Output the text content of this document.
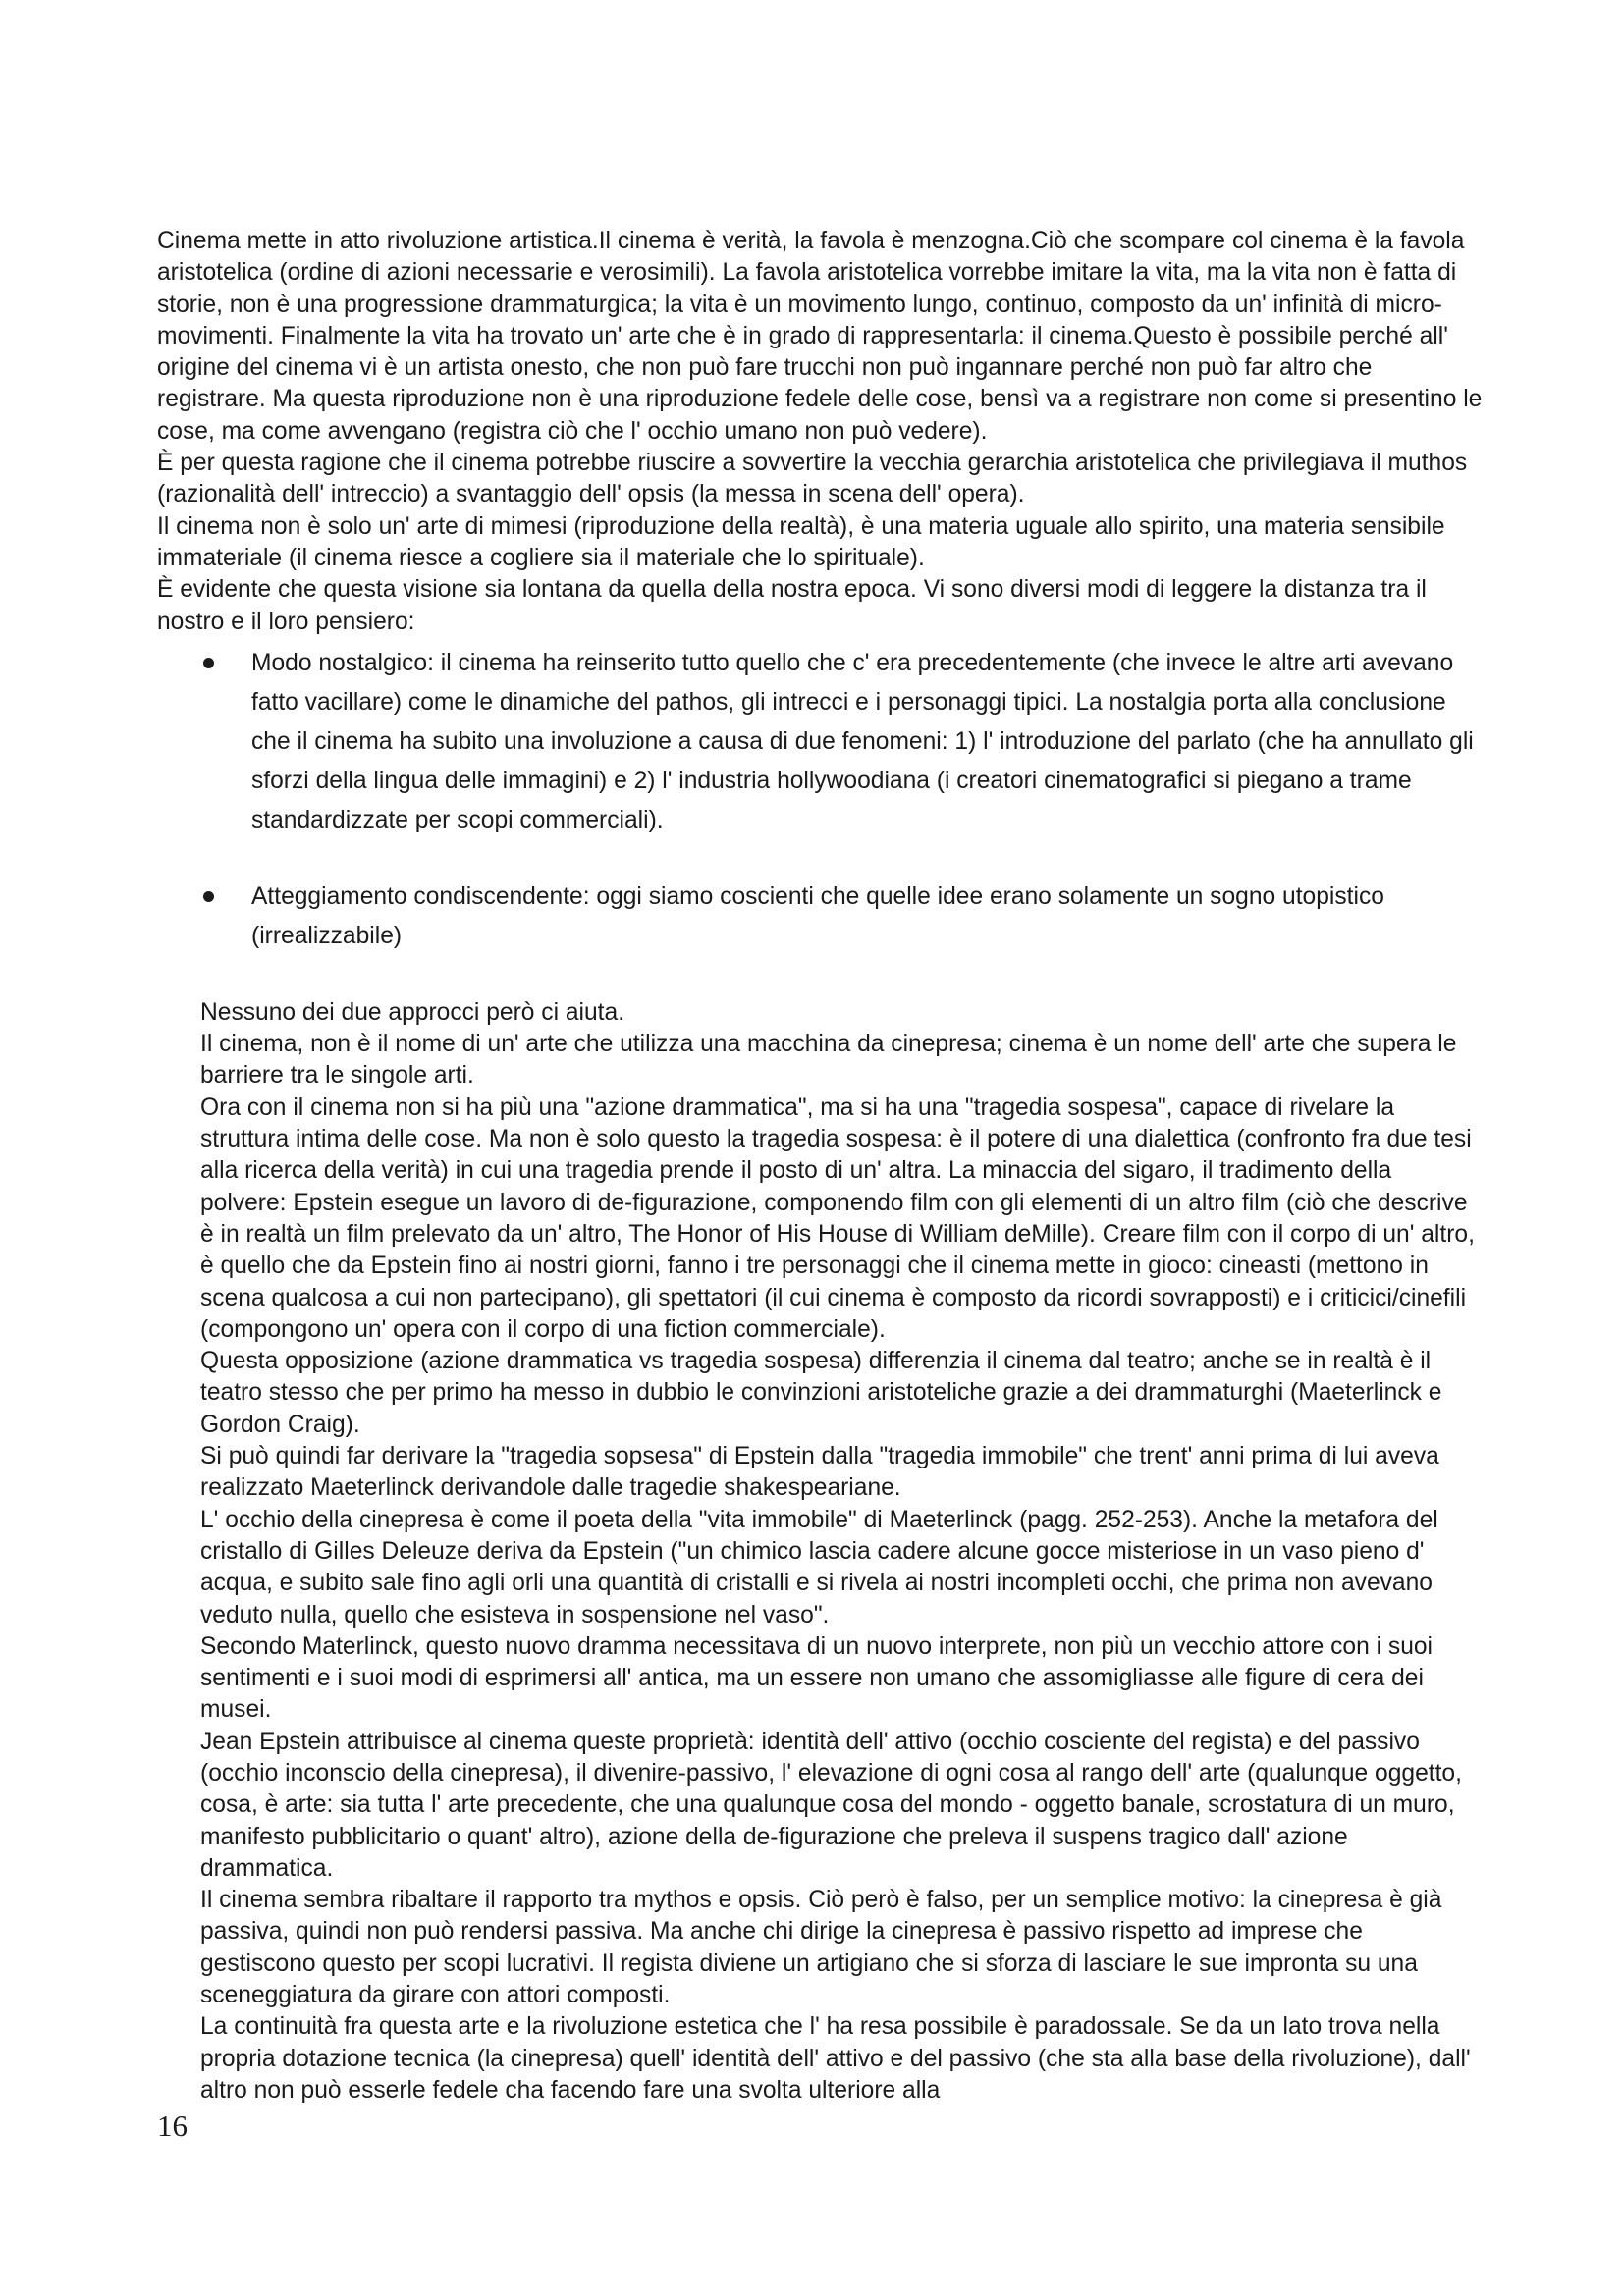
Cinema mette in atto rivoluzione artistica.Il cinema è verità, la favola è menzogna.Ciò che scompare col cinema è la favola aristotelica (ordine di azioni necessarie e verosimili). La favola aristotelica vorrebbe imitare la vita, ma la vita non è fatta di storie, non è una progressione drammaturgica; la vita è un movimento lungo, continuo, composto da un' infinità di micro-movimenti. Finalmente la vita ha trovato un' arte che è in grado di rappresentarla: il cinema.Questo è possibile perché all' origine del cinema vi è un artista onesto, che non può fare trucchi non può ingannare perché non può far altro che registrare. Ma questa riproduzione non è una riproduzione fedele delle cose, bensì va a registrare non come si presentino le cose, ma come avvengano (registra ciò che l' occhio umano non può vedere).

È per questa ragione che il cinema potrebbe riuscire a sovvertire la vecchia gerarchia aristotelica che privilegiava il muthos (razionalità dell' intreccio) a svantaggio dell' opsis (la messa in scena dell' opera).

Il cinema non è solo un' arte di mimesi (riproduzione della realtà), è una materia uguale allo spirito, una materia sensibile immateriale (il cinema riesce a cogliere sia il materiale che lo spirituale).

È evidente che questa visione sia lontana da quella della nostra epoca. Vi sono diversi modi di leggere la distanza tra il nostro e il loro pensiero:

Modo nostalgico: il cinema ha reinserito tutto quello che c' era precedentemente (che invece le altre arti avevano fatto vacillare) come le dinamiche del pathos, gli intrecci e i personaggi tipici. La nostalgia porta alla conclusione che il cinema ha subito una involuzione a causa di due fenomeni: 1) l' introduzione del parlato (che ha annullato gli sforzi della lingua delle immagini) e 2) l' industria hollywoodiana (i creatori cinematografici si piegano a trame standardizzate per scopi commerciali).
Atteggiamento condiscendente: oggi siamo coscienti che quelle idee erano solamente un sogno utopistico (irrealizzabile)

Nessuno dei due approcci però ci aiuta.

Il cinema, non è il nome di un' arte che utilizza una macchina da cinepresa; cinema è un nome dell' arte che supera le barriere tra le singole arti.

Ora con il cinema non si ha più una "azione drammatica", ma si ha una "tragedia sospesa", capace di rivelare la struttura intima delle cose. Ma non è solo questo la tragedia sospesa: è il potere di una dialettica (confronto fra due tesi alla ricerca della verità) in cui una tragedia prende il posto di un' altra. La minaccia del sigaro, il tradimento della polvere: Epstein esegue un lavoro di de-figurazione, componendo film con gli elementi di un altro film (ciò che descrive è in realtà un film prelevato da un' altro, The Honor of His House di William deMille). Creare film con il corpo di un' altro, è quello che da Epstein fino ai nostri giorni, fanno i tre personaggi che il cinema mette in gioco: cineasti (mettono in scena qualcosa a cui non partecipano), gli spettatori (il cui cinema è composto da ricordi sovrapposti) e i criticici/cinefili (compongono un' opera con il corpo di una fiction commerciale).

Questa opposizione (azione drammatica vs tragedia sospesa) differenzia il cinema dal teatro; anche se in realtà è il teatro stesso che per primo ha messo in dubbio le convinzioni aristoteliche grazie a dei drammaturghi (Maeterlinck e Gordon Craig).

Si può quindi far derivare la "tragedia sopsesa" di Epstein dalla "tragedia immobile" che trent' anni prima di lui aveva realizzato Maeterlinck derivandole dalle tragedie shakespeariane.

L' occhio della cinepresa è come il poeta della "vita immobile" di Maeterlinck (pagg. 252-253). Anche la metafora del cristallo di Gilles Deleuze deriva da Epstein ("un chimico lascia cadere alcune gocce misteriose in un vaso pieno d' acqua, e subito sale fino agli orli una quantità di cristalli e si rivela ai nostri incompleti occhi, che prima non avevano veduto nulla, quello che esisteva in sospensione nel vaso".

Secondo Materlinck, questo nuovo dramma necessitava di un nuovo interprete, non più un vecchio attore con i suoi sentimenti e i suoi modi di esprimersi all' antica, ma un essere non umano che assomigliasse alle figure di cera dei musei.

Jean Epstein attribuisce al cinema queste proprietà: identità dell' attivo (occhio cosciente del regista) e del passivo (occhio inconscio della cinepresa), il divenire-passivo, l' elevazione di ogni cosa al rango dell' arte (qualunque oggetto, cosa, è arte: sia tutta l' arte precedente, che una qualunque cosa del mondo - oggetto banale, scrostatura di un muro, manifesto pubblicitario o quant' altro), azione della de-figurazione che preleva il suspens tragico dall' azione drammatica.

Il cinema sembra ribaltare il rapporto tra mythos e opsis. Ciò però è falso, per un semplice motivo: la cinepresa è già passiva, quindi non può rendersi passiva. Ma anche chi dirige la cinepresa è passivo rispetto ad imprese che gestiscono questo per scopi lucrativi. Il regista diviene un artigiano che si sforza di lasciare le sue impronta su una sceneggiatura da girare con attori composti.

La continuità fra questa arte e la rivoluzione estetica che l' ha resa possibile è paradossale. Se da un lato trova nella propria dotazione tecnica (la cinepresa) quell' identità dell' attivo e del passivo (che sta alla base della rivoluzione), dall' altro non può esserle fedele cha facendo fare una svolta ulteriore alla

16
